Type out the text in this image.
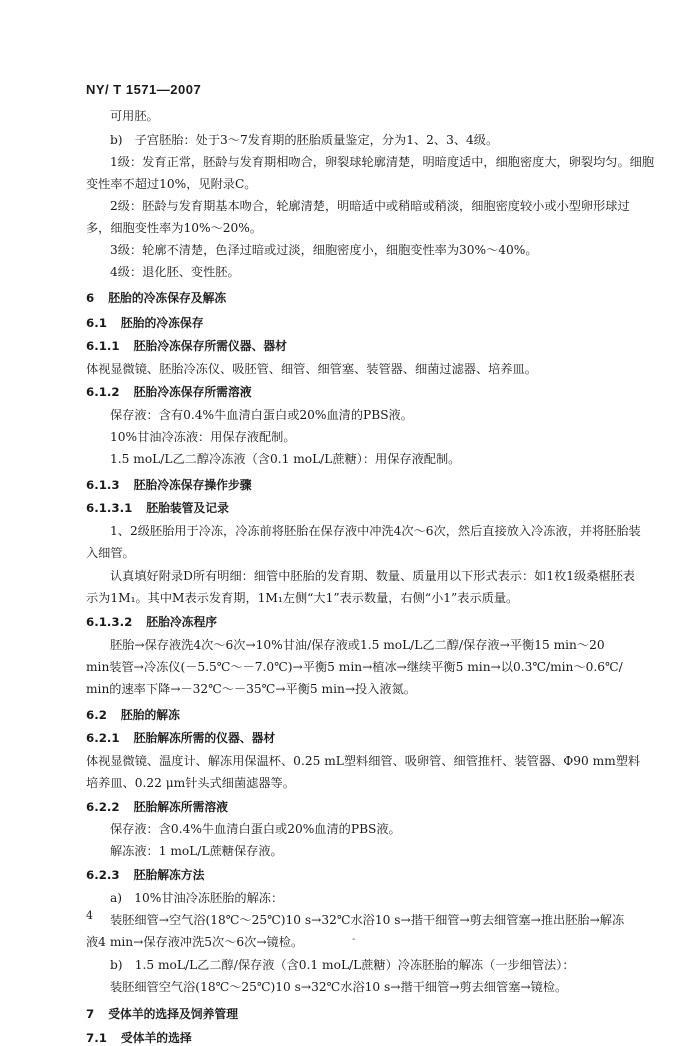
NY/ T 1571—2007
可用胚。
b)　子宫胚胎：处于3～7发育期的胚胎质量鉴定，分为1、2、3、4级。
1级：发育正常，胚龄与发育期相吻合，卵裂球轮廓清楚，明暗度适中，细胞密度大，卵裂均匀。细胞
变性率不超过10%，见附录C。
2级：胚龄与发育期基本吻合，轮廓清楚，明暗适中或稍暗或稍淡，细胞密度较小或小型卵形球过
多，细胞变性率为10%～20%。
3级：轮廓不清楚，色泽过暗或过淡，细胞密度小，细胞变性率为30%～40%。
4级：退化胚、变性胚。
6 胚胎的冷冻保存及解冻
6.1 胚胎的冷冻保存
6.1.1 胚胎冷冻保存所需仪器、器材
体视显微镜、胚胎冷冻仪、吸胚管、细管、细管塞、装管器、细菌过滤器、培养皿。
6.1.2 胚胎冷冻保存所需溶液
保存液：含有0.4%牛血清白蛋白或20%血清的PBS液。
10%甘油冷冻液：用保存液配制。
1.5 moL/L乙二醇冷冻液（含0.1 moL/L蔗糖）：用保存液配制。
6.1.3 胚胎冷冻保存操作步骤
6.1.3.1 胚胎装管及记录
1、2级胚胎用于冷冻，冷冻前将胚胎在保存液中冲洗4次～6次，然后直接放入冷冻液，并将胚胎装
入细管。
认真填好附录D所有明细：细管中胚胎的发育期、数量、质量用以下形式表示：如1枚1级桑椹胚表
示为1M₁。其中M表示发育期，1M₁左侧“大1”表示数量，右侧“小1”表示质量。
6.1.3.2 胚胎冷冻程序
胚胎→保存液洗4次～6次→10%甘油/保存液或1.5 moL/L乙二醇/保存液→平衡15 min～20
min装管→冷冻仪(－5.5℃～－7.0℃)→平衡5 min→植冰→继续平衡5 min→以0.3℃/min～0.6℃/
min的速率下降→－32℃～－35℃→平衡5 min→投入液氮。
6.2 胚胎的解冻
6.2.1 胚胎解冻所需的仪器、器材
体视显微镜、温度计、解冻用保温杯、0.25 mL塑料细管、吸卵管、细管推杆、装管器、Φ90 mm塑料
培养皿、0.22 μm针头式细菌滤器等。
6.2.2 胚胎解冻所需溶液
保存液：含0.4%牛血清白蛋白或20%血清的PBS液。
解冻液：1 moL/L蔗糖保存液。
6.2.3 胚胎解冻方法
a)　10%甘油冷冻胚胎的解冻：
装胚细管→空气浴(18℃～25℃)10 s→32℃水浴10 s→揩干细管→剪去细管塞→推出胚胎→解冻
液4 min→保存液冲洗5次～6次→镜检。
b)　1.5 moL/L乙二醇/保存液（含0.1 moL/L蔗糖）冷冻胚胎的解冻（一步细管法）：
装胚细管空气浴(18℃～25℃)10 s→32℃水浴10 s→揩干细管→剪去细管塞→镜检。
7 受体羊的选择及饲养管理
7.1 受体羊的选择
4
-
